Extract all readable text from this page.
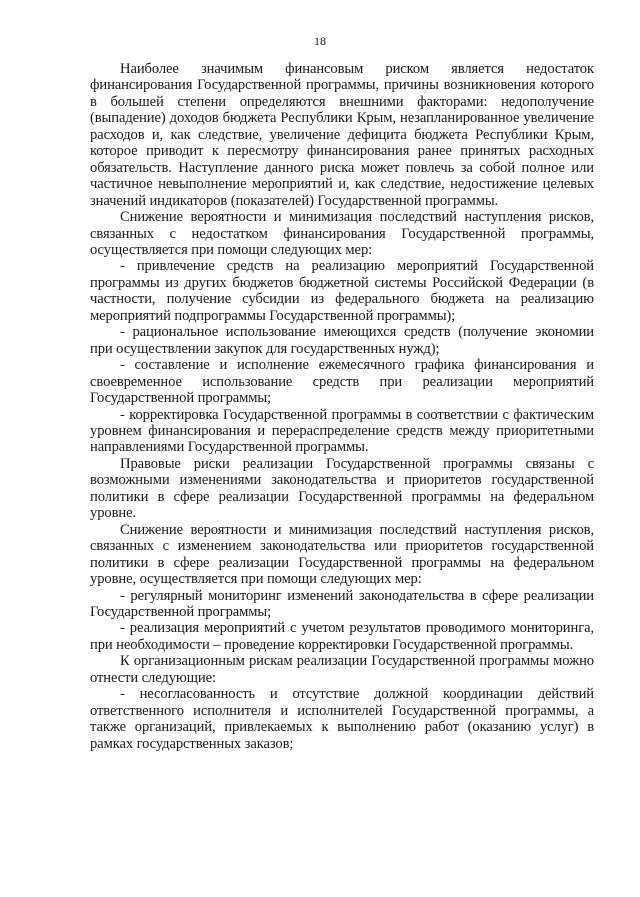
18

Наиболее значимым финансовым риском является недостаток финансирования Государственной программы, причины возникновения которого в большей степени определяются внешними факторами: недополучение (выпадение) доходов бюджета Республики Крым, незапланированное увеличение расходов и, как следствие, увеличение дефицита бюджета Республики Крым, которое приводит к пересмотру финансирования ранее принятых расходных обязательств. Наступление данного риска может повлечь за собой полное или частичное невыполнение мероприятий и, как следствие, недостижение целевых значений индикаторов (показателей) Государственной программы.

Снижение вероятности и минимизация последствий наступления рисков, связанных с недостатком финансирования Государственной программы, осуществляется при помощи следующих мер:

- привлечение средств на реализацию мероприятий Государственной программы из других бюджетов бюджетной системы Российской Федерации (в частности, получение субсидии из федерального бюджета на реализацию мероприятий подпрограммы Государственной программы);

- рациональное использование имеющихся средств (получение экономии при осуществлении закупок для государственных нужд);

- составление и исполнение ежемесячного графика финансирования и своевременное использование средств при реализации мероприятий Государственной программы;

- корректировка Государственной программы в соответствии с фактическим уровнем финансирования и перераспределение средств между приоритетными направлениями Государственной программы.

Правовые риски реализации Государственной программы связаны с возможными изменениями законодательства и приоритетов государственной политики в сфере реализации Государственной программы на федеральном уровне.

Снижение вероятности и минимизация последствий наступления рисков, связанных с изменением законодательства или приоритетов государственной политики в сфере реализации Государственной программы на федеральном уровне, осуществляется при помощи следующих мер:

- регулярный мониторинг изменений законодательства в сфере реализации Государственной программы;

- реализация мероприятий с учетом результатов проводимого мониторинга, при необходимости – проведение корректировки Государственной программы.

К организационным рискам реализации Государственной программы можно отнести следующие:

- несогласованность и отсутствие должной координации действий ответственного исполнителя и исполнителей Государственной программы, а также организаций, привлекаемых к выполнению работ (оказанию услуг) в рамках государственных заказов;
